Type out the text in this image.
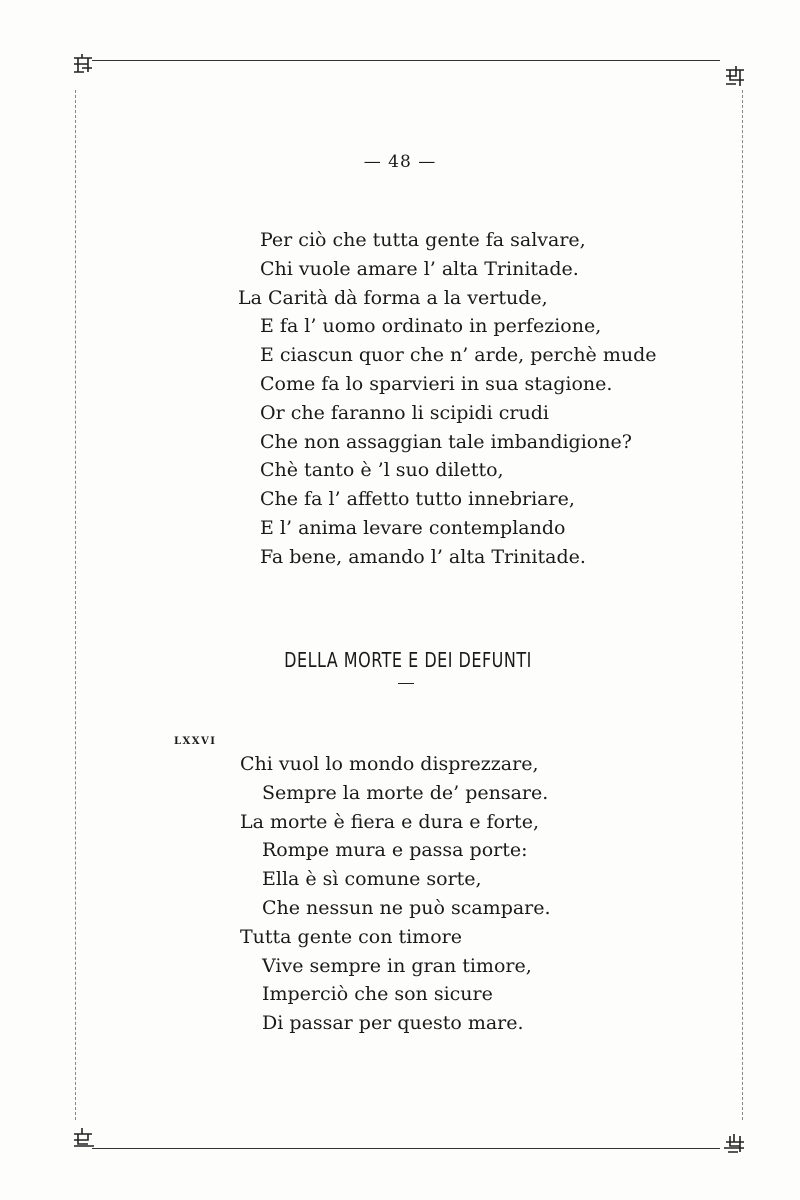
— 48 —
Per ciò che tutta gente fa salvare,
Chi vuole amare l’ alta Trinitade.
La Carità dà forma a la vertude,
E fa l’ uomo ordinato in perfezione,
E ciascun quor che n’ arde, perchè mude
Come fa lo sparvieri in sua stagione.
Or che faranno li scipidi crudi
Che non assaggian tale imbandigione?
Chè tanto è ’l suo diletto,
Che fa l’ affetto tutto innebriare,
E l’ anima levare contemplando
Fa bene, amando l’ alta Trinitade.
DELLA MORTE E DEI DEFUNTI
LXXVI
Chi vuol lo mondo disprezzare,
Sempre la morte de’ pensare.
La morte è fiera e dura e forte,
Rompe mura e passa porte:
Ella è sì comune sorte,
Che nessun ne può scampare.
Tutta gente con timore
Vive sempre in gran timore,
Imperciò che son sicure
Di passar per questo mare.
